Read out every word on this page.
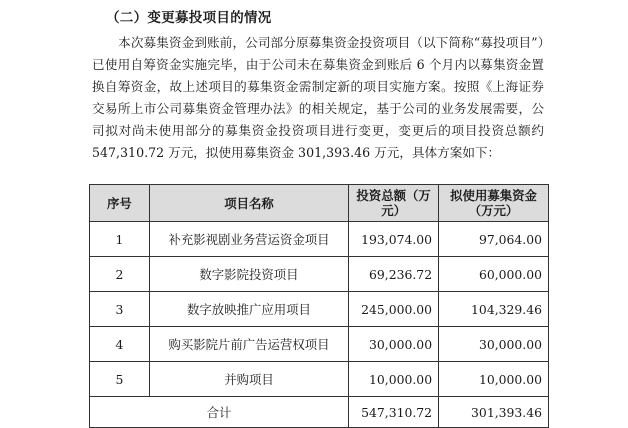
（二）变更募投项目的情况
本次募集资金到账前，公司部分原募集资金投资项目（以下简称“募投项目”）已使用自筹资金实施完毕，由于公司未在募集资金到账后 6 个月内以募集资金置换自筹资金，故上述项目的募集资金需制定新的项目实施方案。按照《上海证券交易所上市公司募集资金管理办法》的相关规定，基于公司的业务发展需要，公司拟对尚未使用部分的募集资金投资项目进行变更，变更后的项目投资总额约 547,310.72 万元，拟使用募集资金 301,393.46 万元，具体方案如下：
序号	项目名称	投资总额（万元）	拟使用募集资金（万元）
1	补充影视剧业务营运资金项目	193,074.00	97,064.00
2	数字影院投资项目	69,236.72	60,000.00
3	数字放映推广应用项目	245,000.00	104,329.46
4	购买影院片前广告运营权项目	30,000.00	30,000.00
5	并购项目	10,000.00	10,000.00
合计		547,310.72	301,393.46
